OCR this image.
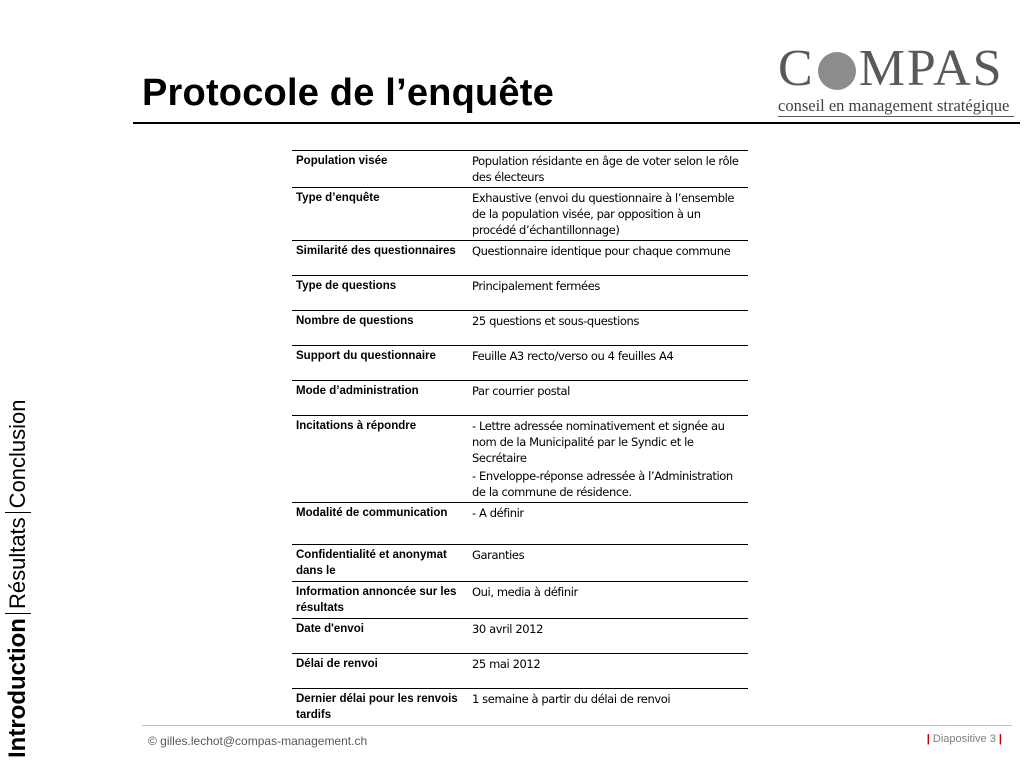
Protocole de l’enquête	C MPAS
conseil en management stratégique
Introduction
Résultats
Conclusion
Population visée	Population résidante en âge de voter selon le rôle des électeurs

Type d’enquête	Exhaustive (envoi du questionnaire à l’ensemble de la population visée, par opposition à un procédé d’échantillonnage)

Similarité des questionnaires	Questionnaire identique pour chaque commune

Type de questions	Principalement fermées

Nombre de questions	25 questions et sous-questions

Support du questionnaire	Feuille A3 recto/verso ou 4 feuilles A4

Mode d’administration	Par courrier postal

Incitations à répondre	- Lettre adressée nominativement et signée au nom de la Municipalité par le Syndic et le Secrétaire

- Enveloppe-réponse adressée à l’Administration de la commune de résidence.

Modalité de communication	- A définir

Confidentialité et anonymat dans le	Garanties

Information annoncée sur les résultats	Oui, media à définir

Date d'envoi	30 avril 2012

Délai de renvoi	25 mai 2012

Dernier délai pour les renvois tardifs	1 semaine à partir du délai de renvoi

© gilles.lechot@compas-management.ch	| Diapositive 3 |
